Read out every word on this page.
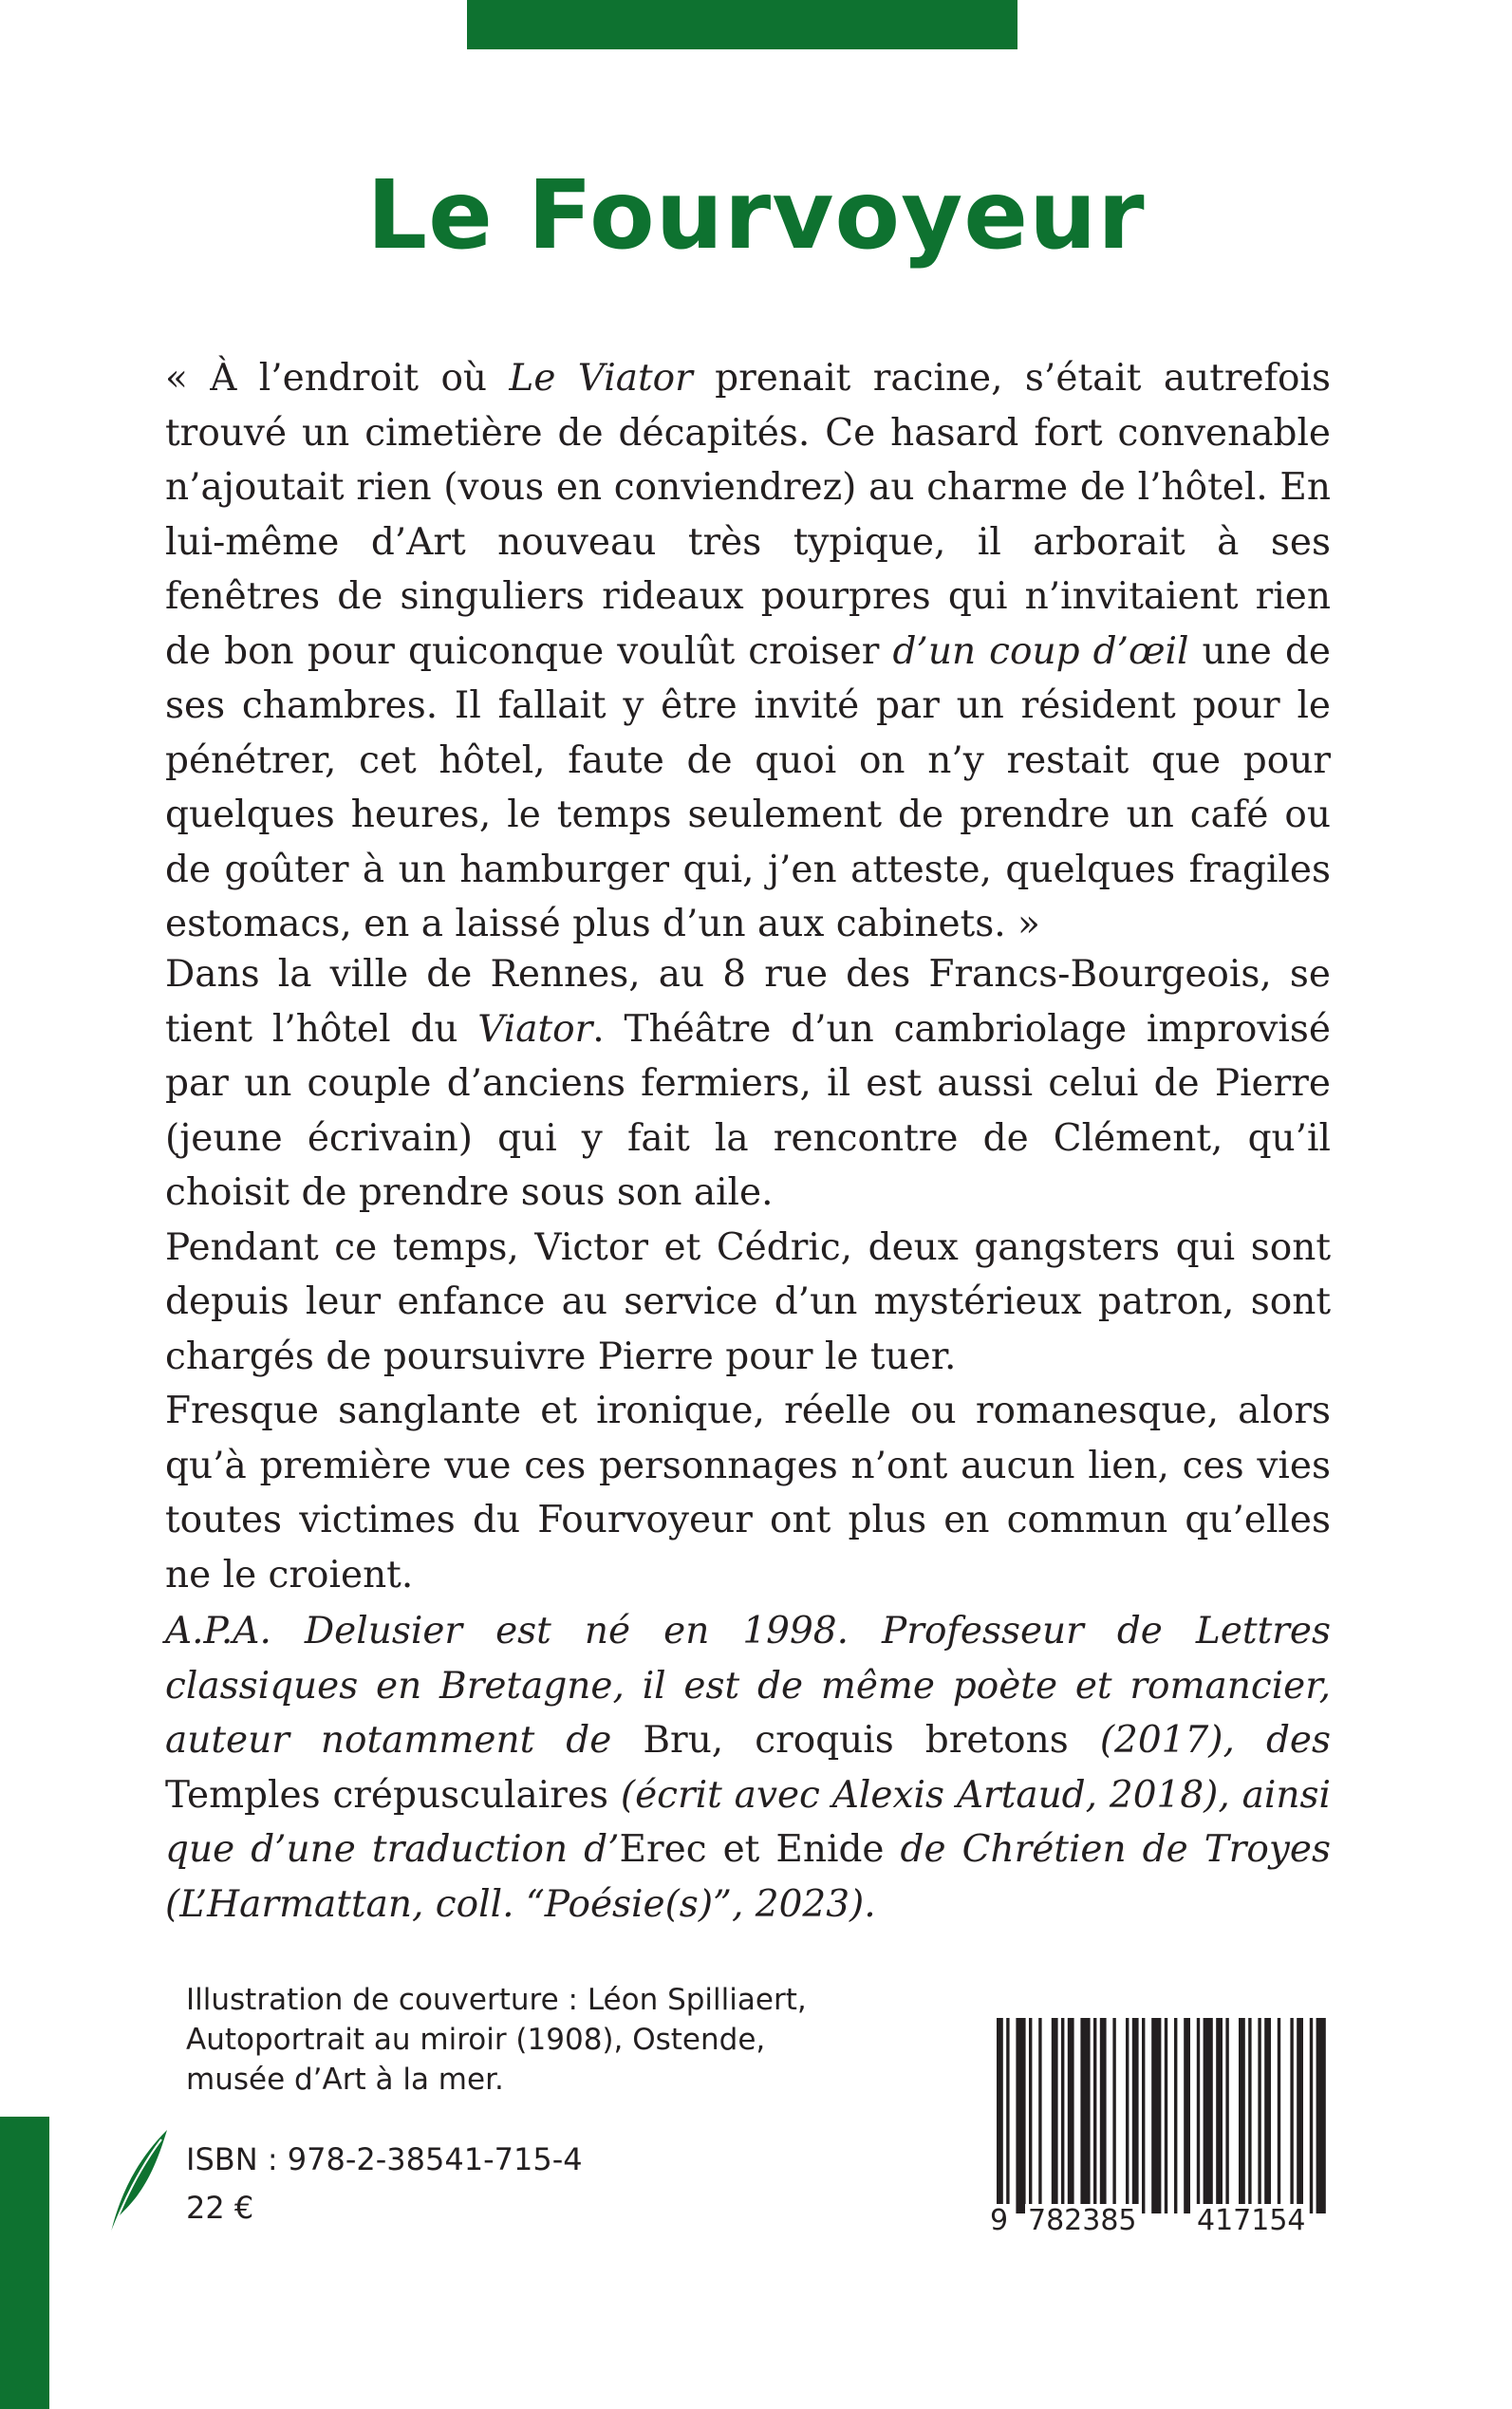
Le Fourvoyeur

« À l’endroit où Le Viator prenait racine, s’était autrefois trouvé un cimetière de décapités. Ce hasard fort convenable n’ajoutait rien (vous en conviendrez) au charme de l’hôtel. En lui-même d’Art nouveau très typique, il arborait à ses fenêtres de singuliers rideaux pourpres qui n’invitaient rien de bon pour quiconque voulût croiser d’un coup d’œil une de ses chambres. Il fallait y être invité par un résident pour le pénétrer, cet hôtel, faute de quoi on n’y restait que pour quelques heures, le temps seulement de prendre un café ou de goûter à un hamburger qui, j’en atteste, quelques fragiles estomacs, en a laissé plus d’un aux cabinets. »

Dans la ville de Rennes, au 8 rue des Francs-Bourgeois, se tient l’hôtel du Viator. Théâtre d’un cambriolage improvisé par un couple d’anciens fermiers, il est aussi celui de Pierre (jeune écrivain) qui y fait la rencontre de Clément, qu’il choisit de prendre sous son aile.

Pendant ce temps, Victor et Cédric, deux gangsters qui sont depuis leur enfance au service d’un mystérieux patron, sont chargés de poursuivre Pierre pour le tuer.

Fresque sanglante et ironique, réelle ou romanesque, alors qu’à première vue ces personnages n’ont aucun lien, ces vies toutes victimes du Fourvoyeur ont plus en commun qu’elles ne le croient.

A.P.A. Delusier est né en 1998. Professeur de Lettres classiques en Bretagne, il est de même poète et romancier, auteur notamment de Bru, croquis bretons (2017), des Temples crépusculaires (écrit avec Alexis Artaud, 2018), ainsi que d’une traduction d’Erec et Enide de Chrétien de Troyes (L’Harmattan, coll. “Poésie(s)”, 2023).

Illustration de couverture : Léon Spilliaert,
Autoportrait au miroir (1908), Ostende,
musée d’Art à la mer.
ISBN : 978-2-38541-715-4
22 €	9 782385 417154
